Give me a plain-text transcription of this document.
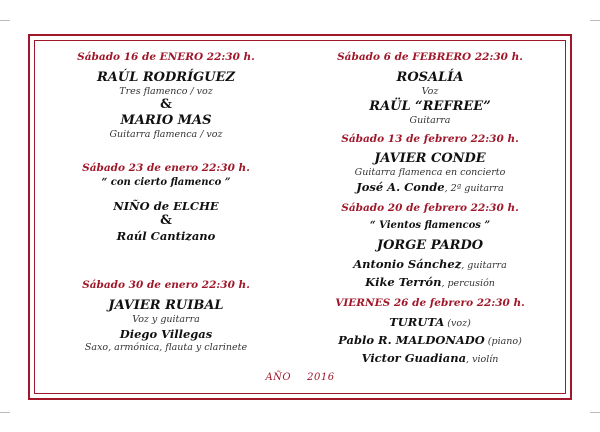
Sábado 16 de ENERO 22:30 h.
RAÚL RODRÍGUEZ
Tres flamenco / voz
&
MARIO MAS
Guitarra flamenca / voz
Sábado 23 de enero 22:30 h.
“ con cierto flamenco ”
NIÑO de ELCHE
&
Raúl Cantizano
Sábado 30 de enero 22:30 h.
JAVIER RUIBAL
Voz y guitarra
Diego Villegas
Saxo, armónica, flauta y clarinete
Sábado 6 de FEBRERO 22:30 h.
ROSALÍA
Voz
RAÜL “REFREE”
Guitarra
Sábado 13 de febrero 22:30 h.
JAVIER CONDE
Guitarra flamenca en concierto
José A. Conde, 2ª guitarra
Sábado 20 de febrero 22:30 h.
“ Vientos flamencos ”
JORGE PARDO
Antonio Sánchez, guitarra
Kike Terrón, percusión
VIERNES 26 de febrero 22:30 h.
TURUTA (voz)
Pablo R. MALDONADO (piano)
Victor Guadiana, violín
AÑO 2016
